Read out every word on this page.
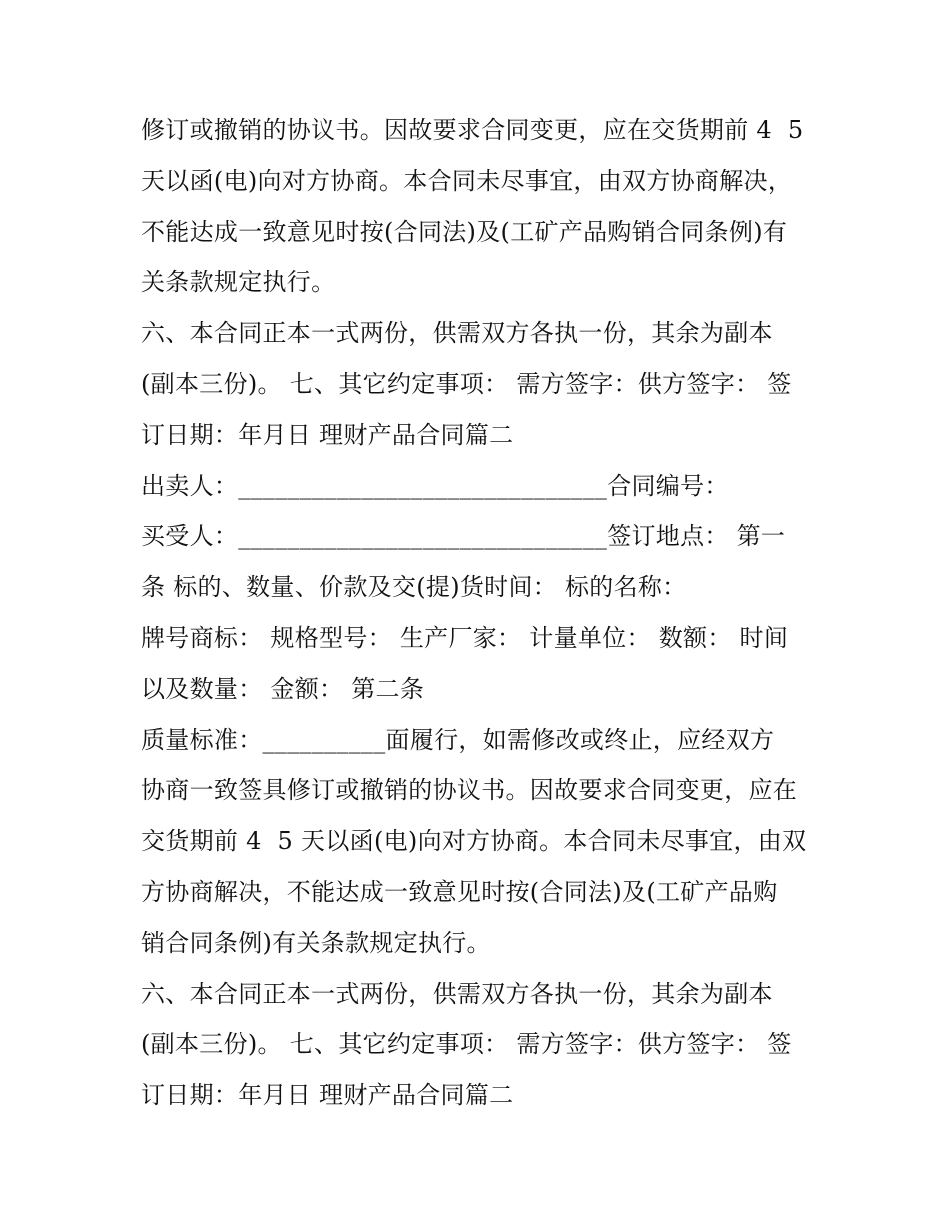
修订或撤销的协议书。因故要求合同变更，应在交货期前 4  5
天以函(电)向对方协商。本合同未尽事宜，由双方协商解决，
不能达成一致意见时按(合同法)及(工矿产品购销合同条例)有
关条款规定执行。
六、本合同正本一式两份，供需双方各执一份，其余为副本
(副本三份)。 七、其它约定事项： 需方签字：供方签字： 签
订日期：年月日 理财产品合同篇二
出卖人：______________________________合同编号：
买受人：______________________________签订地点： 第一
条 标的、数量、价款及交(提)货时间： 标的名称：
牌号商标： 规格型号： 生产厂家： 计量单位： 数额： 时间
以及数量： 金额： 第二条
质量标准：__________面履行，如需修改或终止，应经双方
协商一致签具修订或撤销的协议书。因故要求合同变更，应在
交货期前 4  5 天以函(电)向对方协商。本合同未尽事宜，由双
方协商解决，不能达成一致意见时按(合同法)及(工矿产品购
销合同条例)有关条款规定执行。
六、本合同正本一式两份，供需双方各执一份，其余为副本
(副本三份)。 七、其它约定事项： 需方签字：供方签字： 签
订日期：年月日 理财产品合同篇二
